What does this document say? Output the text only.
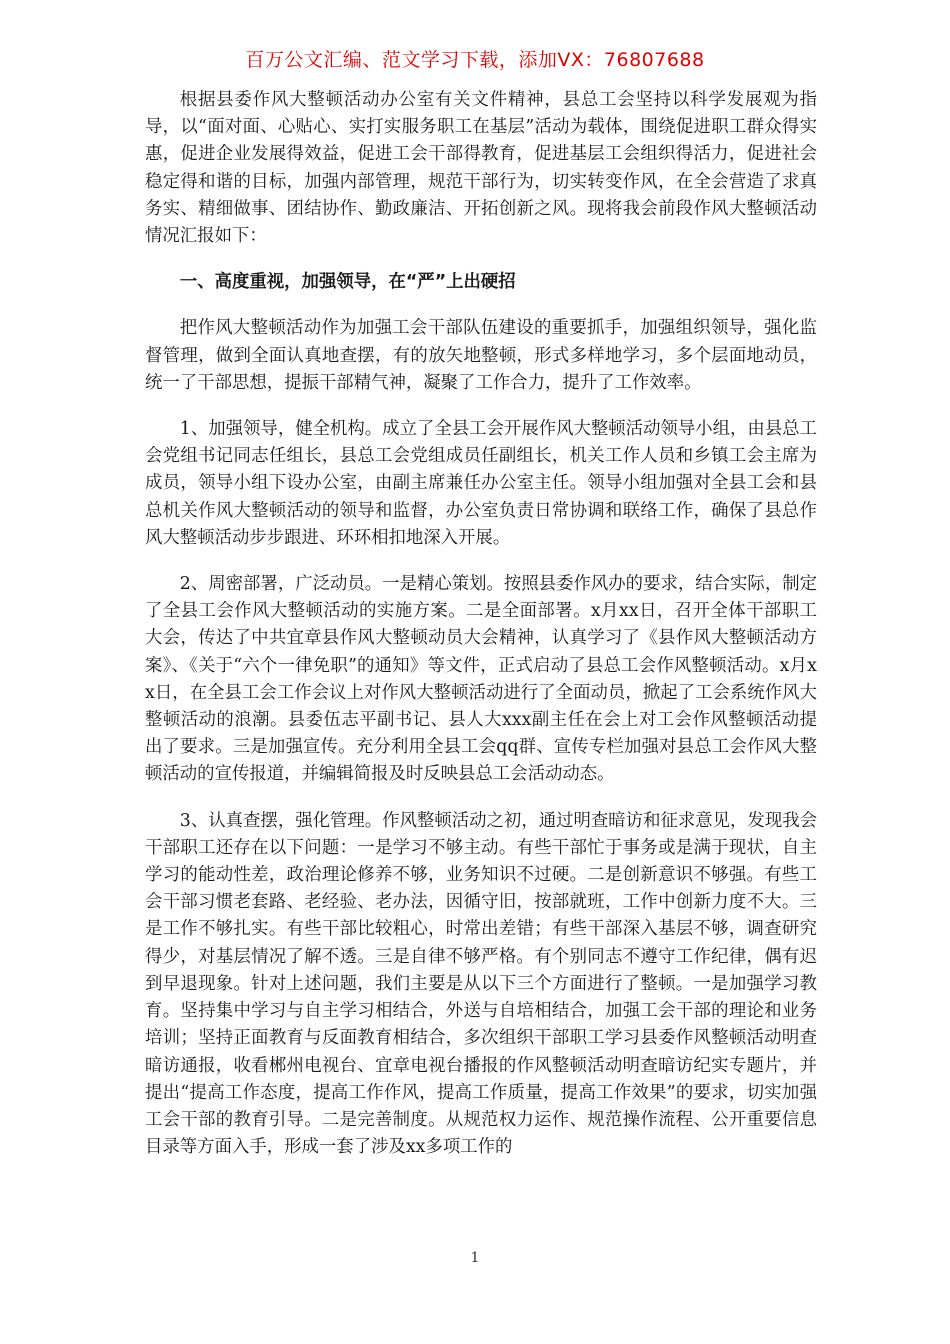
百万公文汇编、范文学习下载，添加VX：76807688

根据县委作风大整顿活动办公室有关文件精神，县总工会坚持以科学发展观为指导，以“面对面、心贴心、实打实服务职工在基层”活动为载体，围绕促进职工群众得实惠，促进企业发展得效益，促进工会干部得教育，促进基层工会组织得活力，促进社会稳定得和谐的目标，加强内部管理，规范干部行为，切实转变作风，在全会营造了求真务实、精细做事、团结协作、勤政廉洁、开拓创新之风。现将我会前段作风大整顿活动情况汇报如下：

一、高度重视，加强领导，在“严”上出硬招

把作风大整顿活动作为加强工会干部队伍建设的重要抓手，加强组织领导，强化监督管理，做到全面认真地查摆，有的放矢地整顿，形式多样地学习，多个层面地动员，统一了干部思想，提振干部精气神，凝聚了工作合力，提升了工作效率。

1、加强领导，健全机构。成立了全县工会开展作风大整顿活动领导小组，由县总工会党组书记同志任组长，县总工会党组成员任副组长，机关工作人员和乡镇工会主席为成员，领导小组下设办公室，由副主席兼任办公室主任。领导小组加强对全县工会和县总机关作风大整顿活动的领导和监督，办公室负责日常协调和联络工作，确保了县总作风大整顿活动步步跟进、环环相扣地深入开展。

2、周密部署，广泛动员。一是精心策划。按照县委作风办的要求，结合实际，制定了全县工会作风大整顿活动的实施方案。二是全面部署。x月xx日，召开全体干部职工大会，传达了中共宜章县作风大整顿动员大会精神，认真学习了《县作风大整顿活动方案》、《关于“六个一律免职”的通知》等文件，正式启动了县总工会作风整顿活动。x月xx日，在全县工会工作会议上对作风大整顿活动进行了全面动员，掀起了工会系统作风大整顿活动的浪潮。县委伍志平副书记、县人大xxx副主任在会上对工会作风整顿活动提出了要求。三是加强宣传。充分利用全县工会qq群、宣传专栏加强对县总工会作风大整顿活动的宣传报道，并编辑简报及时反映县总工会活动动态。

3、认真查摆，强化管理。作风整顿活动之初，通过明查暗访和征求意见，发现我会干部职工还存在以下问题：一是学习不够主动。有些干部忙于事务或是满于现状，自主学习的能动性差，政治理论修养不够，业务知识不过硬。二是创新意识不够强。有些工会干部习惯老套路、老经验、老办法，因循守旧，按部就班，工作中创新力度不大。三是工作不够扎实。有些干部比较粗心，时常出差错；有些干部深入基层不够，调查研究得少，对基层情况了解不透。三是自律不够严格。有个别同志不遵守工作纪律，偶有迟到早退现象。针对上述问题，我们主要是从以下三个方面进行了整顿。一是加强学习教育。坚持集中学习与自主学习相结合，外送与自培相结合，加强工会干部的理论和业务培训；坚持正面教育与反面教育相结合，多次组织干部职工学习县委作风整顿活动明查暗访通报，收看郴州电视台、宜章电视台播报的作风整顿活动明查暗访纪实专题片，并提出“提高工作态度，提高工作作风，提高工作质量，提高工作效果”的要求，切实加强工会干部的教育引导。二是完善制度。从规范权力运作、规范操作流程、公开重要信息目录等方面入手，形成一套了涉及xx多项工作的

1
